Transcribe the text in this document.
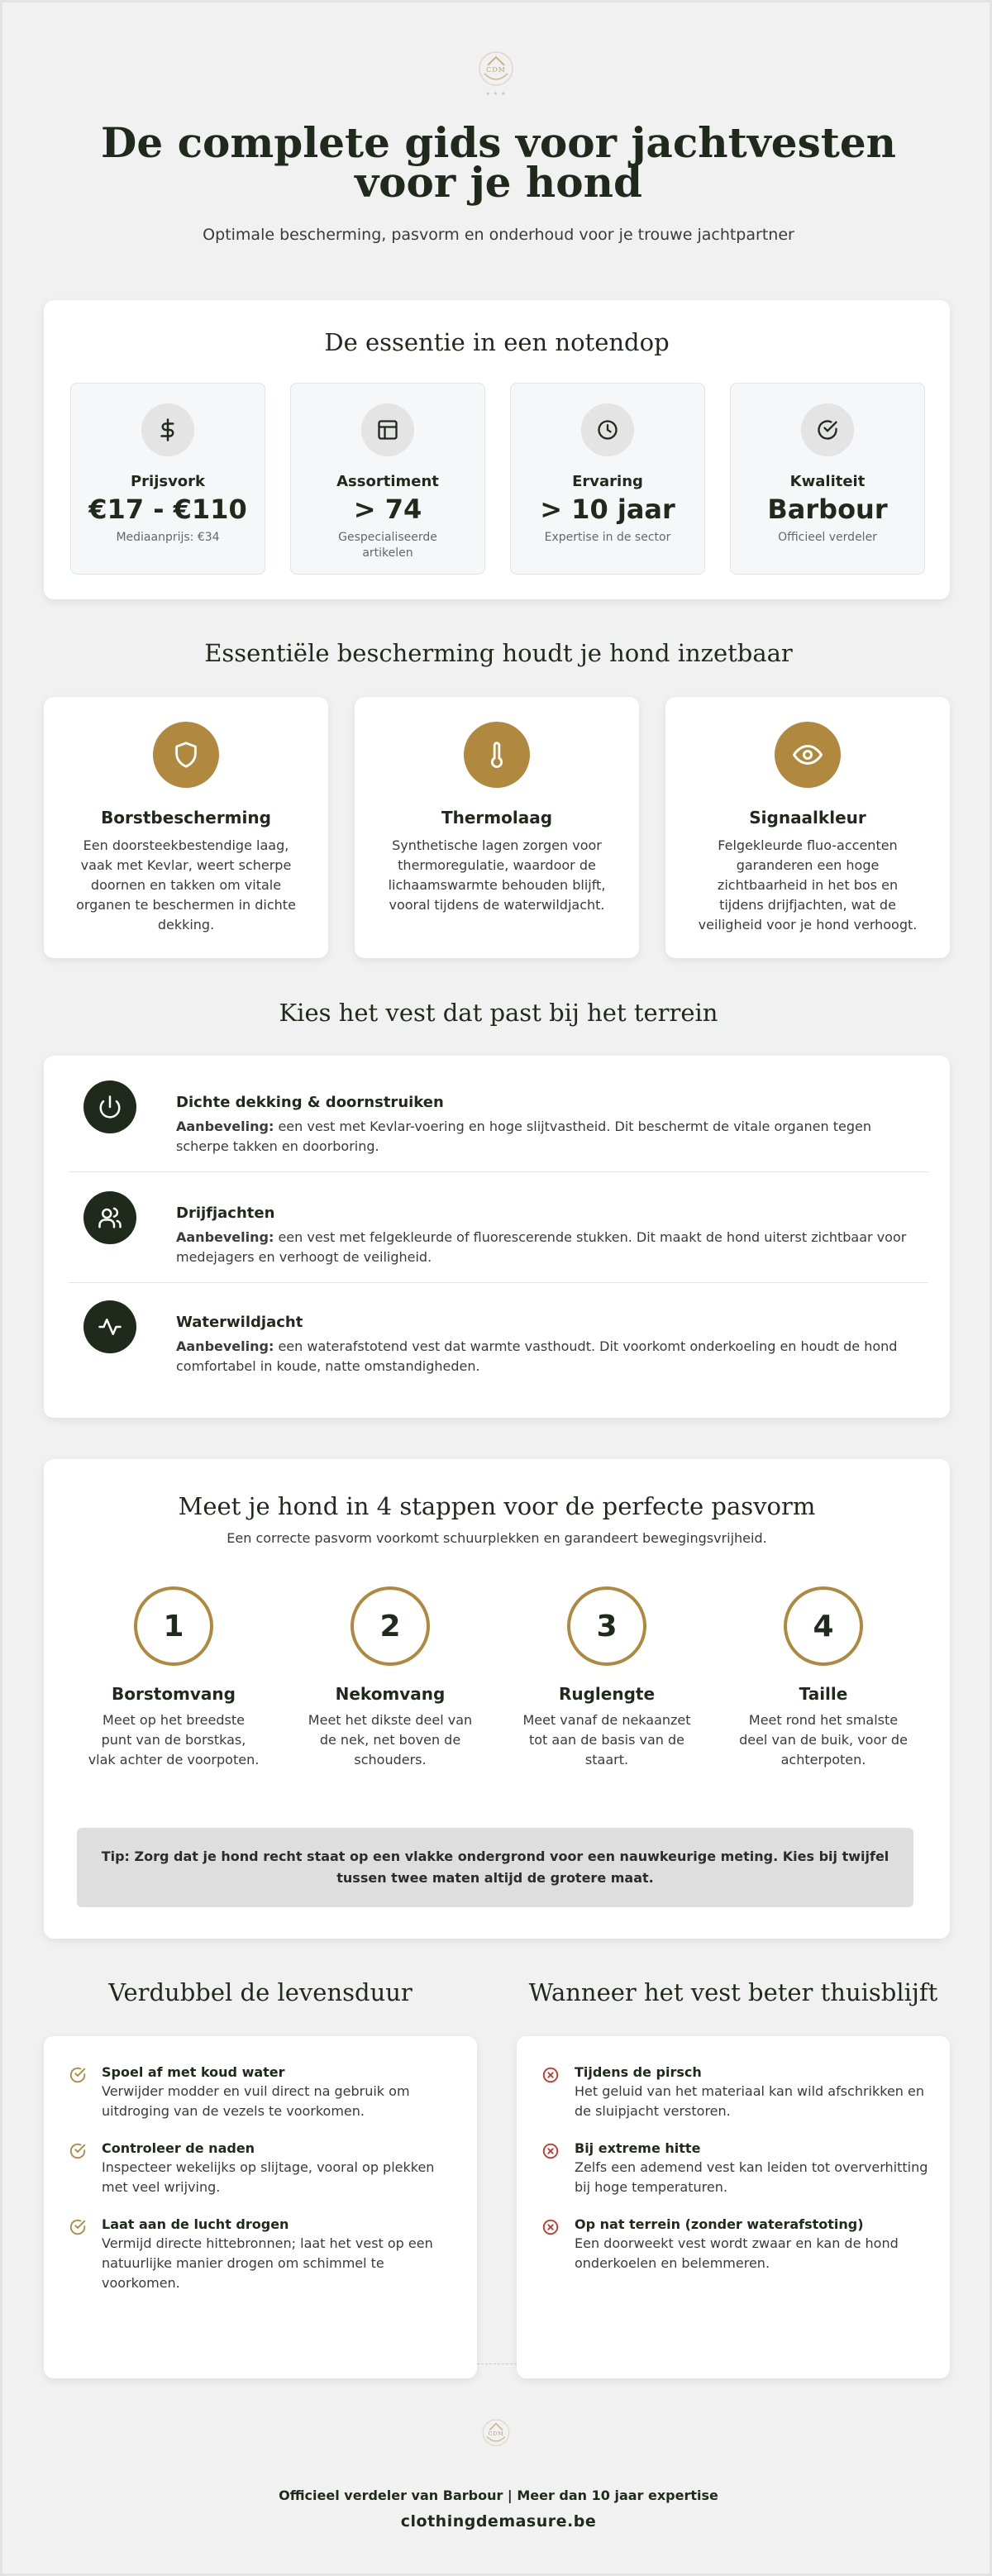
CDM
★ ★ ★
De complete gids voor jachtvesten voor je hond
Optimale bescherming, pasvorm en onderhoud voor je trouwe jachtpartner
De essentie in een notendop
Prijsvork
€17 - €110
Mediaanprijs: €34
Assortiment
> 74
Gespecialiseerde artikelen
Ervaring
> 10 jaar
Expertise in de sector
Kwaliteit
Barbour
Officieel verdeler
Essentiële bescherming houdt je hond inzetbaar
Borstbescherming
Een doorsteekbestendige laag, vaak met Kevlar, weert scherpe doornen en takken om vitale organen te beschermen in dichte dekking.
Thermolaag
Synthetische lagen zorgen voor thermoregulatie, waardoor de lichaamswarmte behouden blijft, vooral tijdens de waterwildjacht.
Signaalkleur
Felgekleurde fluo-accenten garanderen een hoge zichtbaarheid in het bos en tijdens drijfjachten, wat de veiligheid voor je hond verhoogt.
Kies het vest dat past bij het terrein
Dichte dekking & doornstruiken
Aanbeveling: een vest met Kevlar-voering en hoge slijtvastheid. Dit beschermt de vitale organen tegen scherpe takken en doorboring.
Drijfjachten
Aanbeveling: een vest met felgekleurde of fluorescerende stukken. Dit maakt de hond uiterst zichtbaar voor medejagers en verhoogt de veiligheid.
Waterwildjacht
Aanbeveling: een waterafstotend vest dat warmte vasthoudt. Dit voorkomt onderkoeling en houdt de hond comfortabel in koude, natte omstandigheden.
Meet je hond in 4 stappen voor de perfecte pasvorm
Een correcte pasvorm voorkomt schuurplekken en garandeert bewegingsvrijheid.
1
Borstomvang
Meet op het breedste punt van de borstkas, vlak achter de voorpoten.
2
Nekomvang
Meet het dikste deel van de nek, net boven de schouders.
3
Ruglengte
Meet vanaf de nekaanzet tot aan de basis van de staart.
4
Taille
Meet rond het smalste deel van de buik, voor de achterpoten.
Tip: Zorg dat je hond recht staat op een vlakke ondergrond voor een nauwkeurige meting. Kies bij twijfel tussen twee maten altijd de grotere maat.
Verdubbel de levensduur	Wanneer het vest beter thuisblijft
Spoel af met koud water
Verwijder modder en vuil direct na gebruik om uitdroging van de vezels te voorkomen.
Controleer de naden
Inspecteer wekelijks op slijtage, vooral op plekken met veel wrijving.
Laat aan de lucht drogen
Vermijd directe hittebronnen; laat het vest op een natuurlijke manier drogen om schimmel te voorkomen.
Tijdens de pirsch
Het geluid van het materiaal kan wild afschrikken en de sluipjacht verstoren.
Bij extreme hitte
Zelfs een ademend vest kan leiden tot oververhitting bij hoge temperaturen.
Op nat terrein (zonder waterafstoting)
Een doorweekt vest wordt zwaar en kan de hond onderkoelen en belemmeren.
CDM
Officieel verdeler van Barbour | Meer dan 10 jaar expertise
clothingdemasure.be
